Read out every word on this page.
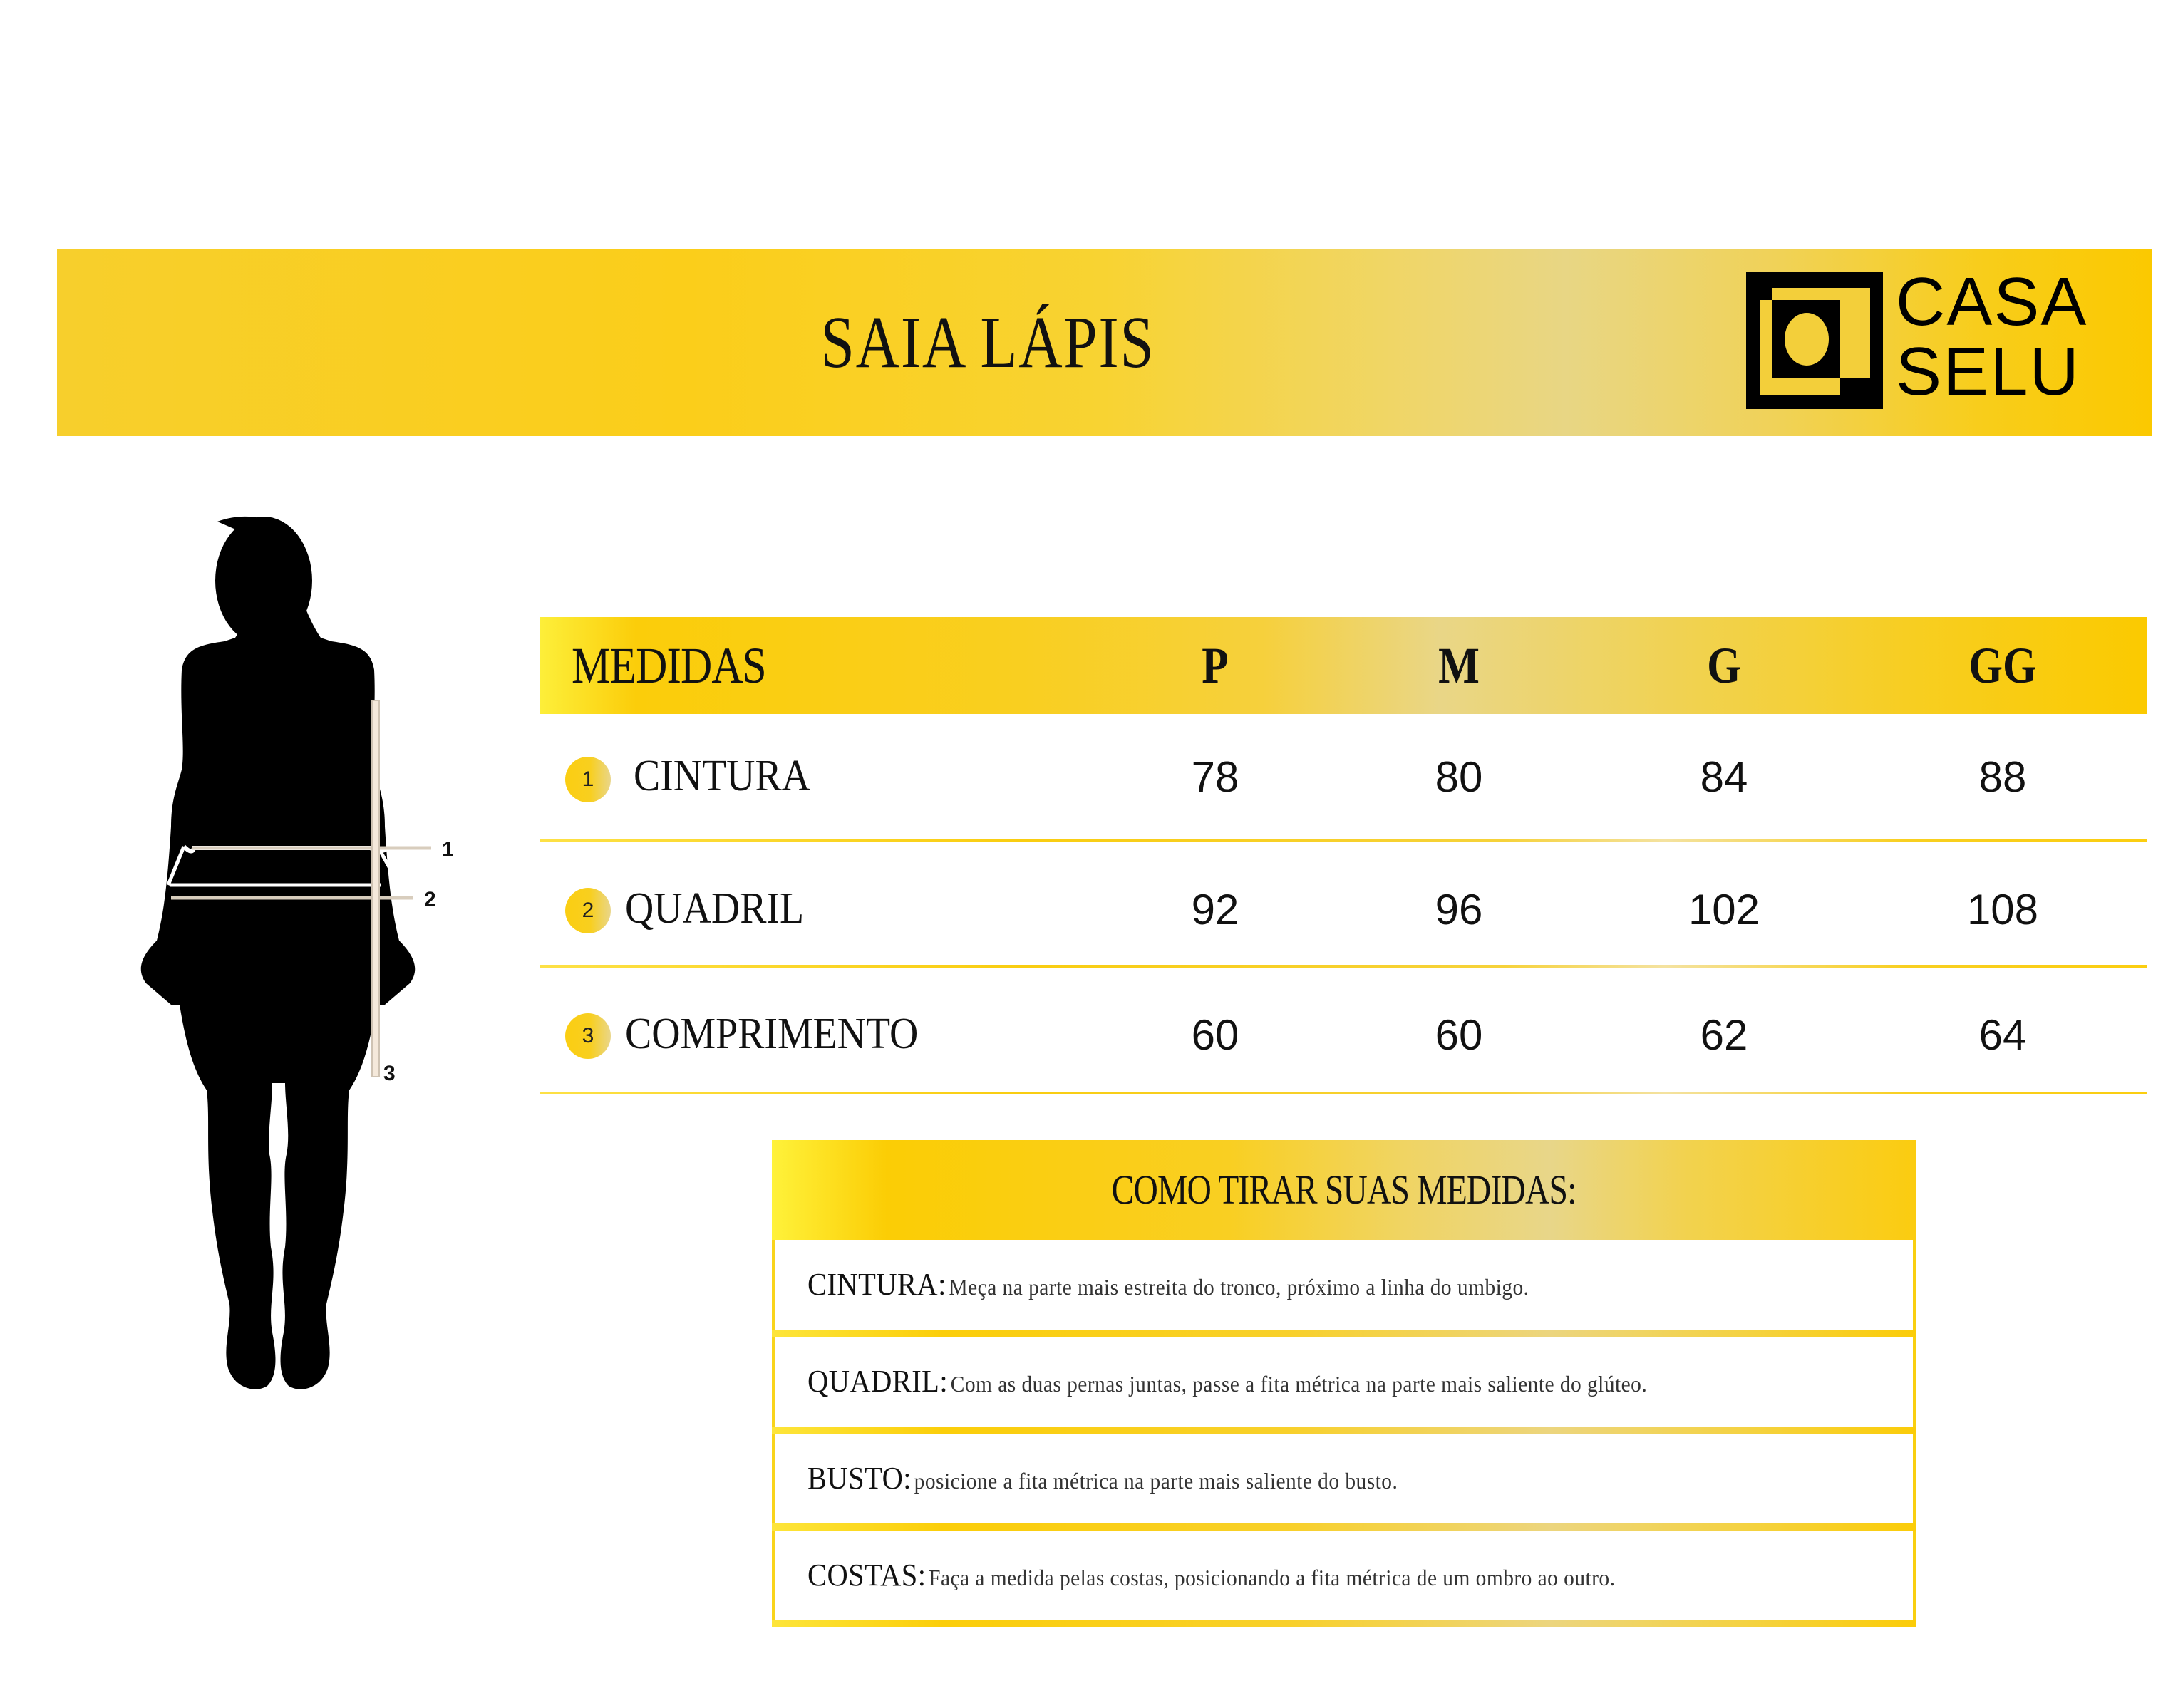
SAIA LÁPIS	CASA
SELU
1
2
3
MEDIDAS	P	M	G	GG
1 CINTURA	78	80	84	88
2 QUADRIL	92	96	102	108
3 COMPRIMENTO	60	60	62	64
COMO TIRAR SUAS MEDIDAS:
CINTURA: Meça na parte mais estreita do tronco, próximo a linha do umbigo.
QUADRIL: Com as duas pernas juntas, passe a fita métrica na parte mais saliente do glúteo.
BUSTO: posicione a fita métrica na parte mais saliente do busto.
COSTAS: Faça a medida pelas costas, posicionando a fita métrica de um ombro ao outro.
